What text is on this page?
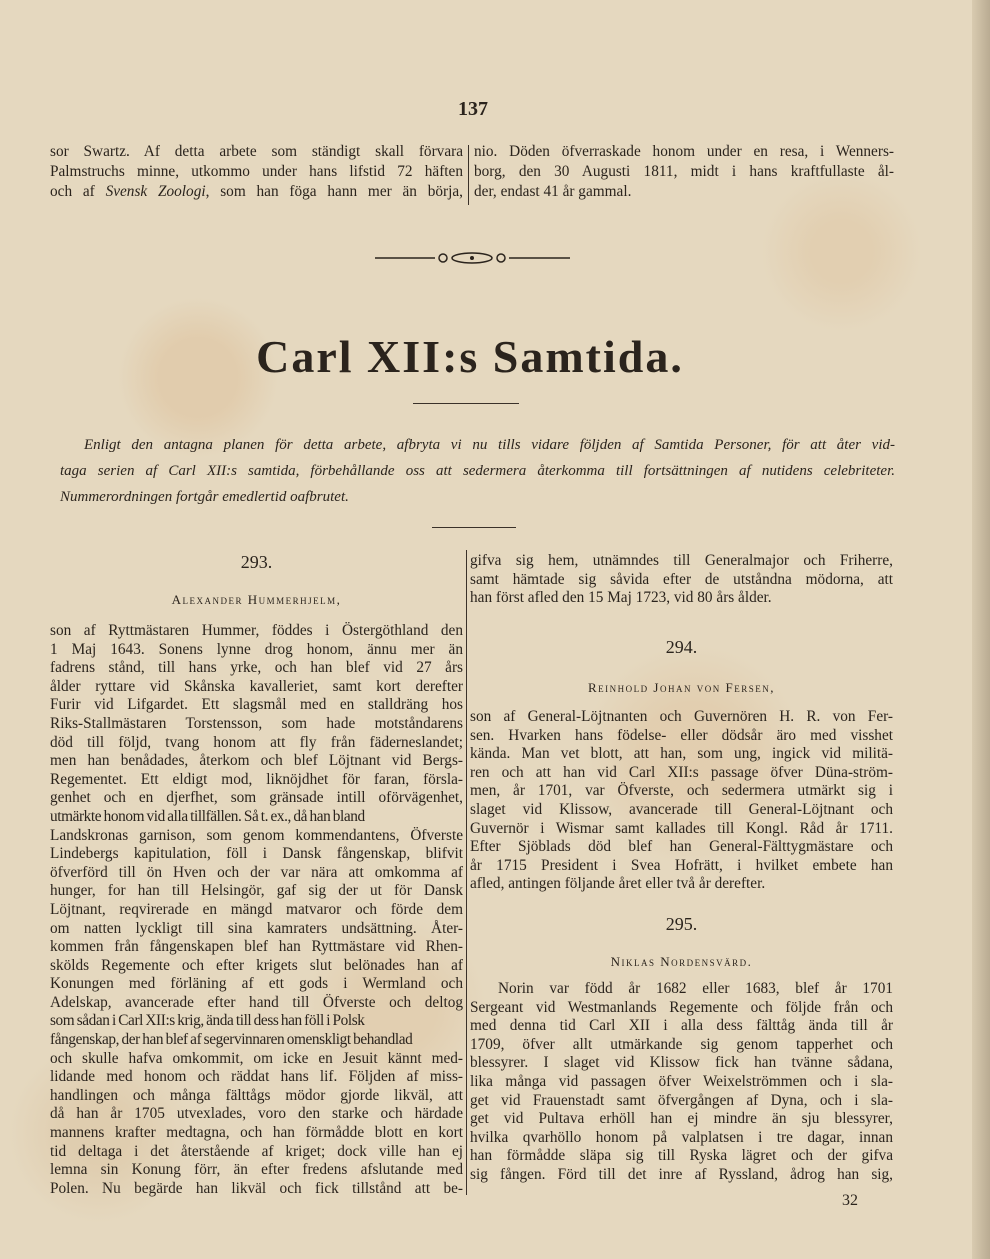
137
sor Swartz. Af detta arbete som ständigt skall förvara
Palmstruchs minne, utkommo under hans lifstid 72 häften
och af Svensk Zoologi, som han föga hann mer än börja,
nio. Döden öfverraskade honom under en resa, i Wenners-
borg, den 30 Augusti 1811, midt i hans kraftfullaste ål-
der, endast 41 år gammal.
Carl XII:s Samtida.
Enligt den antagna planen för detta arbete, afbryta vi nu tills vidare följden af Samtida Personer, för att åter vid-
taga serien af Carl XII:s samtida, förbehållande oss att sedermera återkomma till fortsättningen af nutidens celebriteter.
Nummerordningen fortgår emedlertid oafbrutet.
293.
Alexander Hummerhjelm,
son af Ryttmästaren Hummer, föddes i Östergöthland den
1 Maj 1643. Sonens lynne drog honom, ännu mer än
fadrens stånd, till hans yrke, och han blef vid 27 års
ålder ryttare vid Skånska kavalleriet, samt kort derefter
Furir vid Lifgardet. Ett slagsmål med en stalldräng hos
Riks-Stallmästaren Torstensson, som hade motståndarens
död till följd, tvang honom att fly från fäderneslandet;
men han benådades, återkom och blef Löjtnant vid Bergs-
Regementet. Ett eldigt mod, liknöjdhet för faran, försla-
genhet och en djerfhet, som gränsade intill oförvägenhet,
utmärkte honom vid alla tillfällen. Så t. ex., då han bland
Landskronas garnison, som genom kommendantens, Öfverste
Lindebergs kapitulation, föll i Dansk fångenskap, blifvit
öfverförd till ön Hven och der var nära att omkomma af
hunger, for han till Helsingör, gaf sig der ut för Dansk
Löjtnant, reqvirerade en mängd matvaror och förde dem
om natten lyckligt till sina kamraters undsättning. Åter-
kommen från fångenskapen blef han Ryttmästare vid Rhen-
skölds Regemente och efter krigets slut belönades han af
Konungen med förläning af ett gods i Wermland och
Adelskap, avancerade efter hand till Öfverste och deltog
som sådan i Carl XII:s krig, ända till dess han föll i Polsk
fångenskap, der han blef af segervinnaren omenskligt behandlad
och skulle hafva omkommit, om icke en Jesuit kännt med-
lidande med honom och räddat hans lif. Följden af miss-
handlingen och många fälttågs mödor gjorde likväl, att
då han år 1705 utvexlades, voro den starke och härdade
mannens krafter medtagna, och han förmådde blott en kort
tid deltaga i det återstående af kriget; dock ville han ej
lemna sin Konung förr, än efter fredens afslutande med
Polen. Nu begärde han likväl och fick tillstånd att be-
gifva sig hem, utnämndes till Generalmajor och Friherre,
samt hämtade sig såvida efter de utståndna mödorna, att
han först afled den 15 Maj 1723, vid 80 års ålder.
294.
Reinhold Johan von Fersen,
son af General-Löjtnanten och Guvernören H. R. von Fer-
sen. Hvarken hans födelse- eller dödsår äro med visshet
kända. Man vet blott, att han, som ung, ingick vid militä-
ren och att han vid Carl XII:s passage öfver Düna-ström-
men, år 1701, var Öfverste, och sedermera utmärkt sig i
slaget vid Klissow, avancerade till General-Löjtnant och
Guvernör i Wismar samt kallades till Kongl. Råd år 1711.
Efter Sjöblads död blef han General-Fälttygmästare och
år 1715 President i Svea Hofrätt, i hvilket embete han
afled, antingen följande året eller två år derefter.
295.
Niklas Nordensvärd.
Norin var född år 1682 eller 1683, blef år 1701
Sergeant vid Westmanlands Regemente och följde från och
med denna tid Carl XII i alla dess fälttåg ända till år
1709, öfver allt utmärkande sig genom tapperhet och
blessyrer. I slaget vid Klissow fick han tvänne sådana,
lika många vid passagen öfver Weixelströmmen och i sla-
get vid Frauenstadt samt öfvergången af Dyna, och i sla-
get vid Pultava erhöll han ej mindre än sju blessyrer,
hvilka qvarhöllo honom på valplatsen i tre dagar, innan
han förmådde släpa sig till Ryska lägret och der gifva
sig fången. Förd till det inre af Ryssland, ådrog han sig,
32
